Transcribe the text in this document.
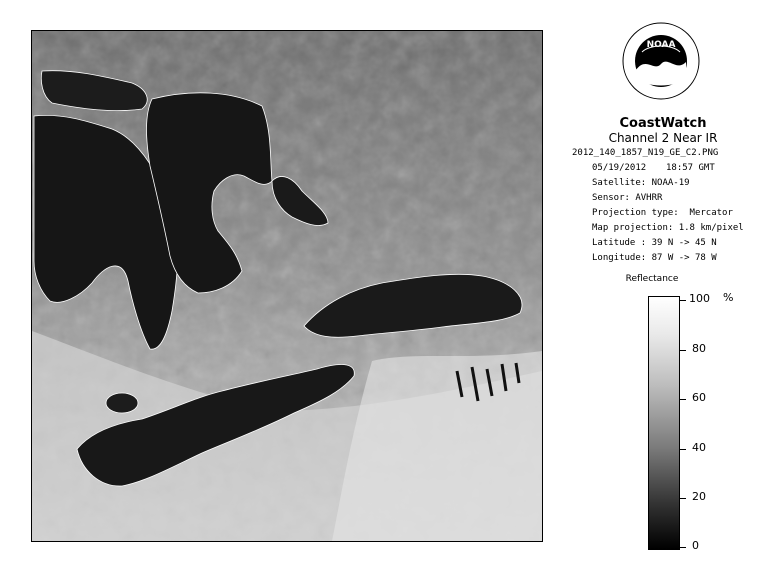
NOAA
CoastWatch
Channel 2 Near IR
2012_140_1857_N19_GE_C2.PNG
05/19/2012 18:57 GMT
Satellite: NOAA-19
Sensor: AVHRR
Projection type:  Mercator
Map projection: 1.8 km/pixel
Latitude : 39 N -> 45 N
Longitude: 87 W -> 78 W
Reflectance
%
100
80
60
40
20
0
